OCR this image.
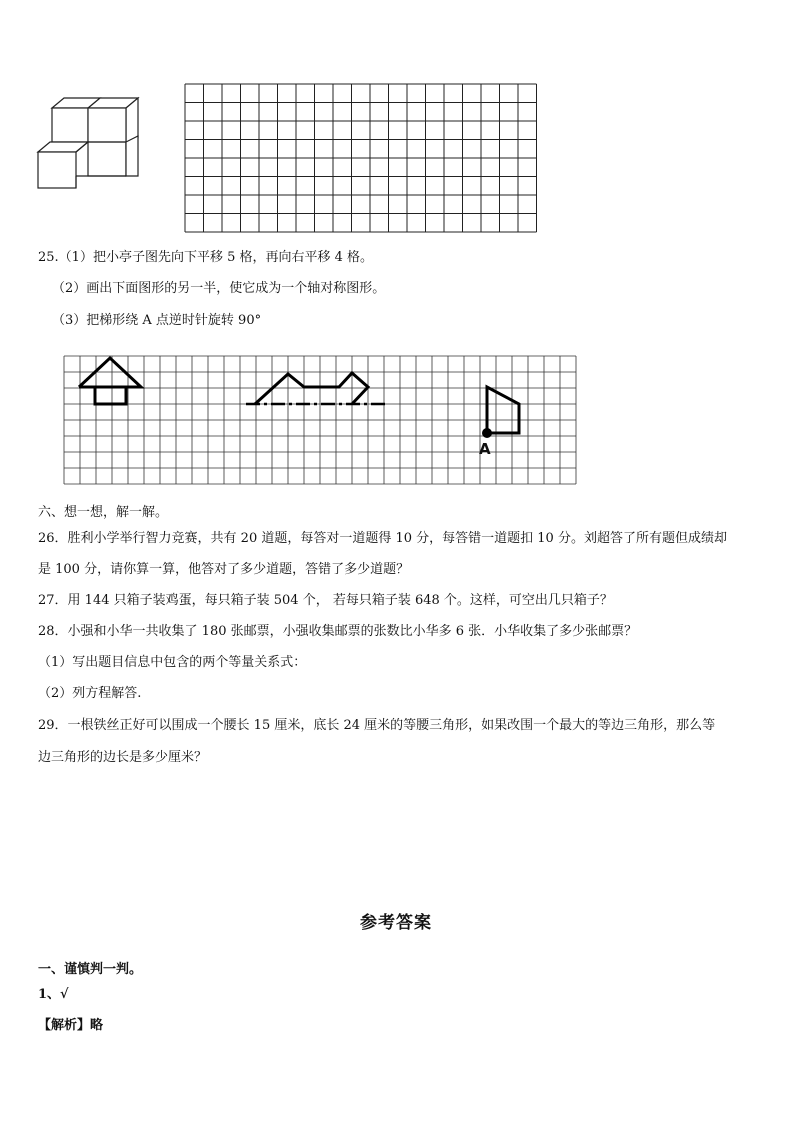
25.（1）把小亭子图先向下平移 5 格，再向右平移 4 格。
（2）画出下面图形的另一半，使它成为一个轴对称图形。
（3）把梯形绕 A 点逆时针旋转 90°
A
六、想一想，解一解。
26．胜利小学举行智力竞赛，共有 20 道题，每答对一道题得 10 分，每答错一道题扣 10 分。刘超答了所有题但成绩却
是 100 分，请你算一算，他答对了多少道题，答错了多少道题？
27．用 144 只箱子装鸡蛋，每只箱子装 504 个， 若每只箱子装 648 个。这样，可空出几只箱子？
28．小强和小华一共收集了 180 张邮票，小强收集邮票的张数比小华多 6 张．小华收集了多少张邮票？
（1）写出题目信息中包含的两个等量关系式：
（2）列方程解答.
29．一根铁丝正好可以围成一个腰长 15 厘米，底长 24 厘米的等腰三角形，如果改围一个最大的等边三角形，那么等
边三角形的边长是多少厘米？
参考答案
一、谨慎判一判。
1、√
【解析】略
